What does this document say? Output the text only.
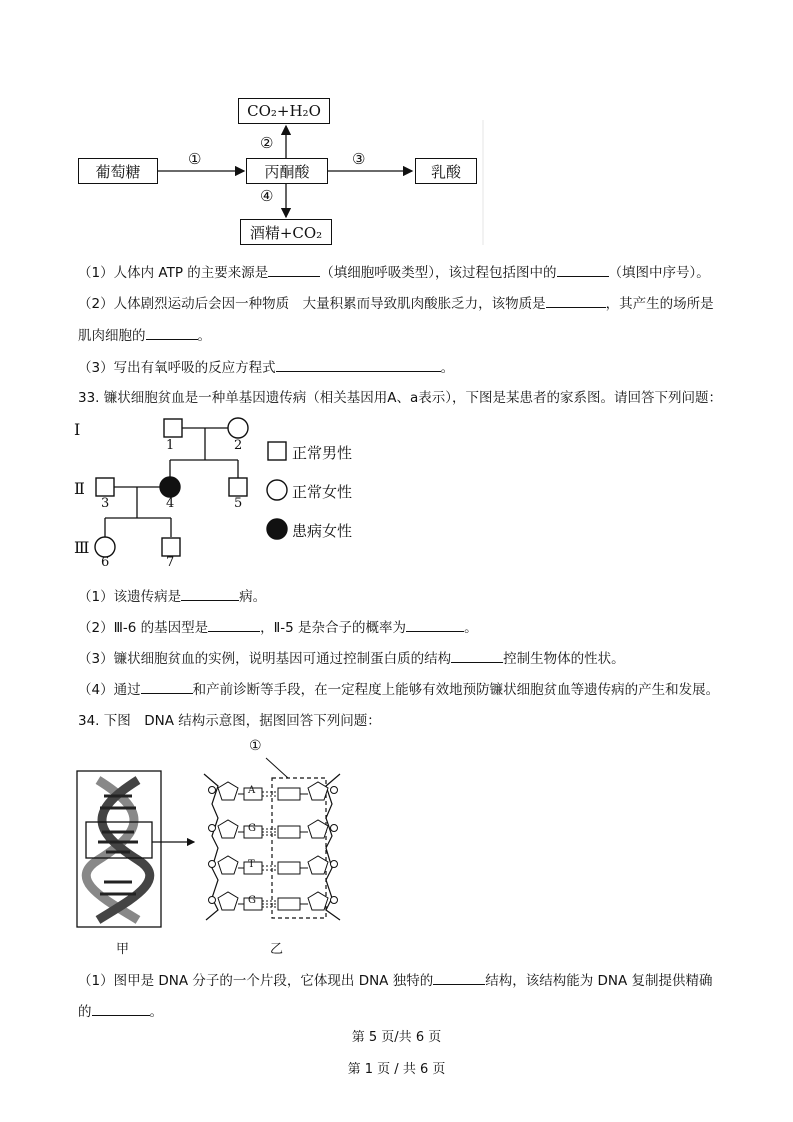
葡萄糖	丙酮酸	乳酸
CO₂+H₂O
酒精+CO₂
①
②
③
④
（1）人体内 ATP 的主要来源是	（填细胞呼吸类型），该过程包括图中的	（填图中序号）。
（2）人体剧烈运动后会因一种物质　大量积累而导致肌肉酸胀乏力，该物质是	，其产生的场所是
肌肉细胞的	。
（3）写出有氧呼吸的反应方程式	。
33. 镰状细胞贫血是一种单基因遗传病（相关基因用A、a表示），下图是某患者的家系图。请回答下列问题：
Ⅰ
Ⅱ
Ⅲ
1	2
3	4	5
6	7
正常男性
正常女性
患病女性
（1）该遗传病是	病。
（2）Ⅲ-6 的基因型是	，Ⅱ-5 是杂合子的概率为	。
（3）镰状细胞贫血的实例，说明基因可通过控制蛋白质的结构	控制生物体的性状。
（4）通过	和产前诊断等手段，在一定程度上能够有效地预防镰状细胞贫血等遗传病的产生和发展。
34. 下图　DNA 结构示意图，据图回答下列问题：
①
A
G
T
G
甲	乙
（1）图甲是 DNA 分子的一个片段，它体现出 DNA 独特的	结构，该结构能为 DNA 复制提供精确
的	。
第 5 页/共 6 页
第 1 页 / 共 6 页
